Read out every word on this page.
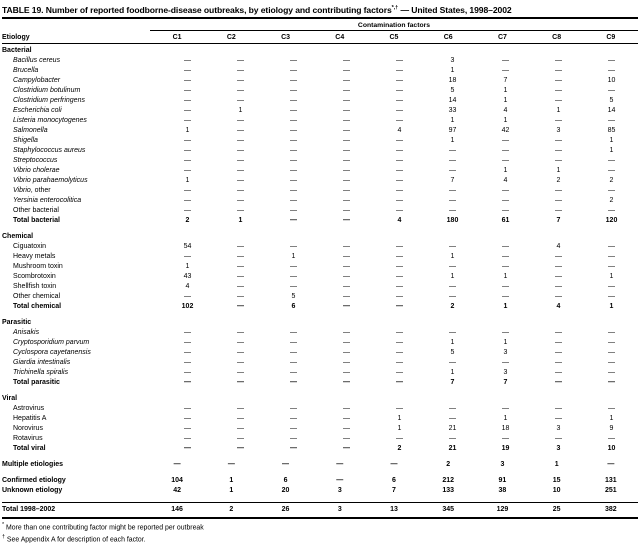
TABLE 19. Number of reported foodborne-disease outbreaks, by etiology and contributing factors*,† — United States, 1998–2002
Contamination factors
Etiology	C1	C2	C3	C4	C5	C6	C7	C8	C9
Bacterial
Bacillus cereus	—	—	—	—	—	3	—	—	—
Brucella	—	—	—	—	—	1	—	—	—
Campylobacter	—	—	—	—	—	18	7	—	10
Clostridium botulinum	—	—	—	—	—	5	1	—	—
Clostridium perfringens	—	—	—	—	—	14	1	—	5
Escherichia coli	—	1	—	—	—	33	4	1	14
Listeria monocytogenes	—	—	—	—	—	1	1	—	—
Salmonella	1	—	—	—	4	97	42	3	85
Shigella	—	—	—	—	—	1	—	—	1
Staphylococcus aureus	—	—	—	—	—	—	—	—	1
Streptococcus	—	—	—	—	—	—	—	—	—
Vibrio cholerae	—	—	—	—	—	—	1	1	—
Vibrio parahaemolyticus	1	—	—	—	—	7	4	2	2
Vibrio, other	—	—	—	—	—	—	—	—	—
Yersinia enterocolitica	—	—	—	—	—	—	—	—	2
Other bacterial	—	—	—	—	—	—	—	—	—
Total bacterial	2	1	—	—	4	180	61	7	120
Chemical
Ciguatoxin	54	—	—	—	—	—	—	4	—
Heavy metals	—	—	1	—	—	1	—	—	—
Mushroom toxin	1	—	—	—	—	—	—	—	—
Scombrotoxin	43	—	—	—	—	1	1	—	1
Shellfish toxin	4	—	—	—	—	—	—	—	—
Other chemical	—	—	5	—	—	—	—	—	—
Total chemical	102	—	6	—	—	2	1	4	1
Parasitic
Anisakis	—	—	—	—	—	—	—	—	—
Cryptosporidium parvum	—	—	—	—	—	1	1	—	—
Cyclospora cayetanensis	—	—	—	—	—	5	3	—	—
Giardia intestinalis	—	—	—	—	—	—	—	—	—
Trichinella spiralis	—	—	—	—	—	1	3	—	—
Total parasitic	—	—	—	—	—	7	7	—	—
Viral
Astrovirus	—	—	—	—	—	—	—	—	—
Hepatitis A	—	—	—	—	1	—	1	—	1
Norovirus	—	—	—	—	1	21	18	3	9
Rotavirus	—	—	—	—	—	—	—	—	—
Total viral	—	—	—	—	2	21	19	3	10
Multiple etiologies	—	—	—	—	—	2	3	1	—
Confirmed etiology	104	1	6	—	6	212	91	15	131
Unknown etiology	42	1	20	3	7	133	38	10	251
Total 1998–2002	146	2	26	3	13	345	129	25	382
* More than one contributing factor might be reported per outbreak
† See Appendix A for description of each factor.
